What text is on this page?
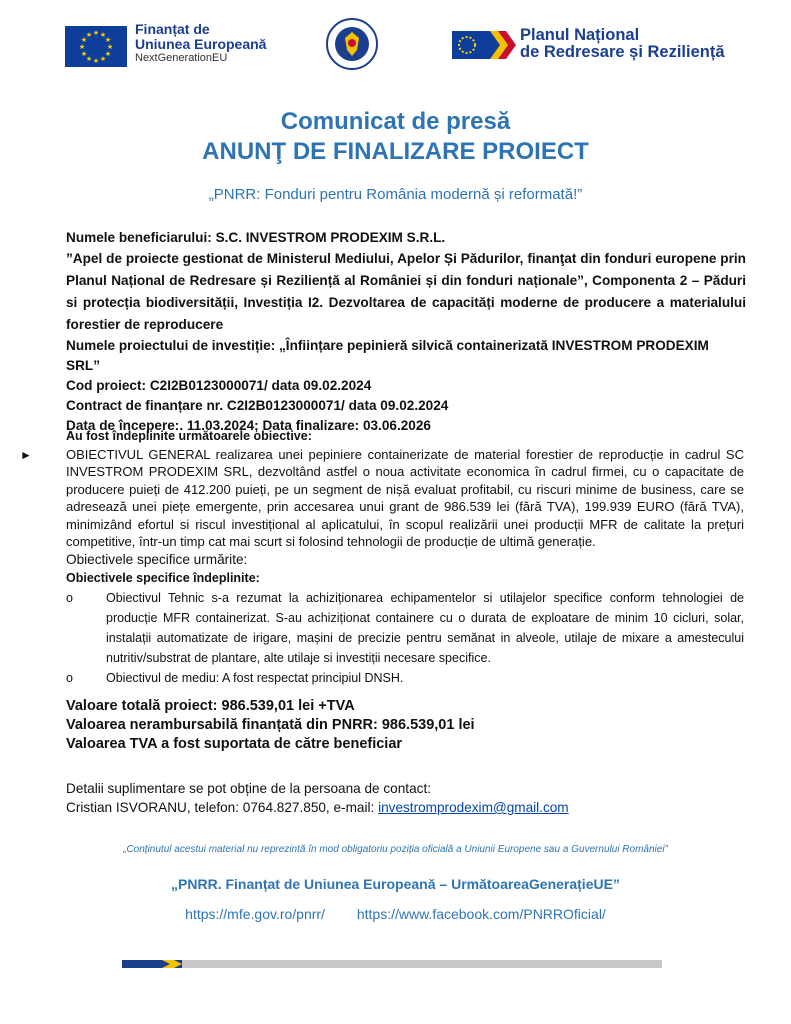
★ ★
★
★
★
★
★
★
★
★
★
★	Finanțat de
Uniunea Europeană
NextGenerationEU
Planul Național
de Redresare și Reziliență
Comunicat de presă
ANUNŢ DE FINALIZARE PROIECT
„PNRR: Fonduri pentru România modernă și reformată!”

Numele beneficiarului: S.C. INVESTROM PRODEXIM S.R.L.

”Apel de proiecte gestionat de Ministerul Mediului, Apelor Și Pădurilor, finanţat din fonduri europene prin Planul Național de Redresare și Reziliență al României și din fonduri naționale”, Componenta 2 – Păduri si protecția biodiversității, Investiția I2. Dezvoltarea de capacități moderne de producere a materialului forestier de reproducere

Numele proiectului de investiție: „Înființare pepinieră silvică containerizată INVESTROM PRODEXIM SRL”

Cod proiect: C2I2B0123000071/ data 09.02.2024

Contract de finanțare nr. C2I2B0123000071/ data 09.02.2024

Data de începere:. 11.03.2024; Data finalizare: 03.06.2026

►

Au fost îndeplinite următoarele obiective:

OBIECTIVUL GENERAL realizarea unei pepiniere containerizate de material forestier de reproducție in cadrul SC INVESTROM PRODEXIM SRL, dezvoltând astfel o noua activitate economica în cadrul firmei, cu o capacitate de producere puieți de 412.200 puieți, pe un segment de nișă evaluat profitabil, cu riscuri minime de business, care se adresează unei piețe emergente, prin accesarea unui grant de 986.539 lei (fără TVA), 199.939 EURO (fără TVA), minimizând efortul si riscul investițional al aplicatului, în scopul realizării unei producții MFR de calitate la prețuri competitive, într-un timp cat mai scurt si folosind tehnologii de producție de ultimă generație.

Obiectivele specifice urmărite:

Obiectivele specifice îndeplinite:

o	Obiectivul Tehnic s-a rezumat la achiziționarea echipamentelor si utilajelor specifice conform tehnologiei de producție MFR containerizat. S-au achiziționat containere cu o durata de exploatare de minim 10 cicluri, solar, instalații automatizate de irigare, mașini de precizie pentru semănat in alveole, utilaje de mixare a amestecului nutritiv/substrat de plantare, alte utilaje si investiții necesare specifice.
o	Obiectivul de mediu: A fost respectat principiul DNSH.

Valoare totală proiect: 986.539,01 lei +TVA

Valoarea nerambursabilă finanțată din PNRR: 986.539,01 lei

Valoarea TVA a fost suportata de către beneficiar

Detalii suplimentare se pot obține de la persoana de contact:

Cristian ISVORANU, telefon: 0764.827.850, e-mail: investromprodexim@gmail.com

„Conținutul acestui material nu reprezintă în mod obligatoriu poziția oficială a Uniunii Europene sau a Guvernului României”
„PNRR. Finanțat de Uniunea Europeană – UrmătoareaGenerațieUE”
https://mfe.gov.ro/pnrr/ https://www.facebook.com/PNRROficial/
